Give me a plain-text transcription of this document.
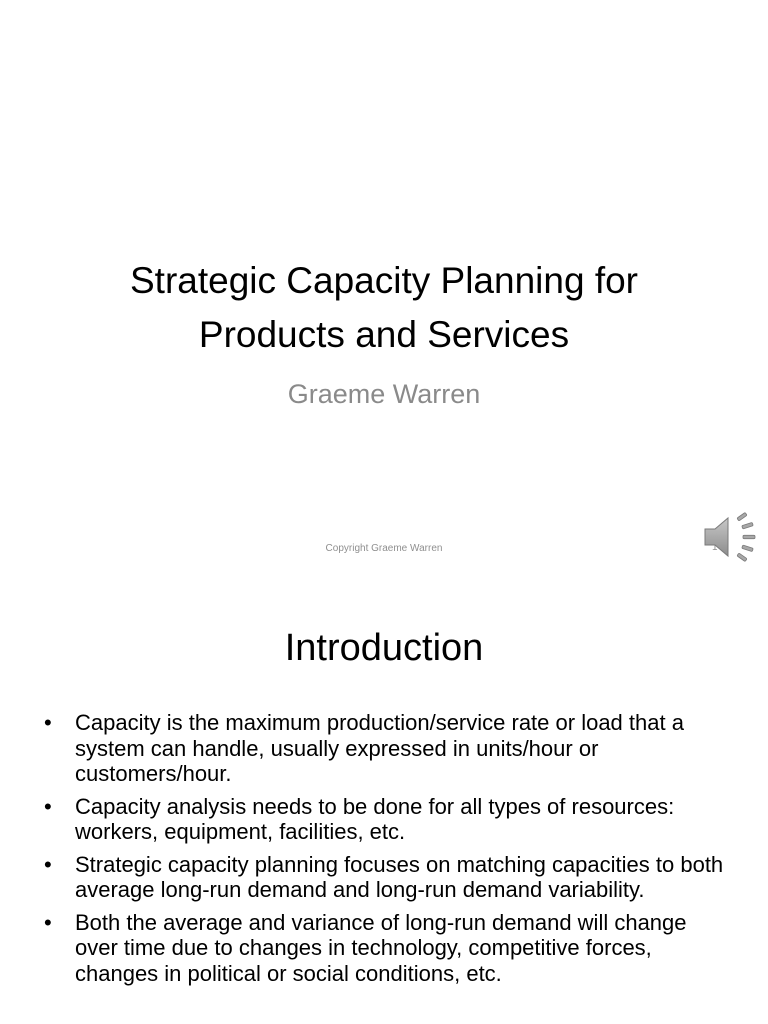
Strategic Capacity Planning for
Products and Services
Graeme Warren
Copyright Graeme Warren	1
Introduction
•	Capacity is the maximum production/service rate or load that a system can handle, usually expressed in units/hour or customers/hour.
•	Capacity analysis needs to be done for all types of resources: workers, equipment, facilities, etc.
•	Strategic capacity planning focuses on matching capacities to both average long-run demand and long-run demand variability.
•	Both the average and variance of long-run demand will change over time due to changes in technology, competitive forces, changes in political or social conditions, etc.
